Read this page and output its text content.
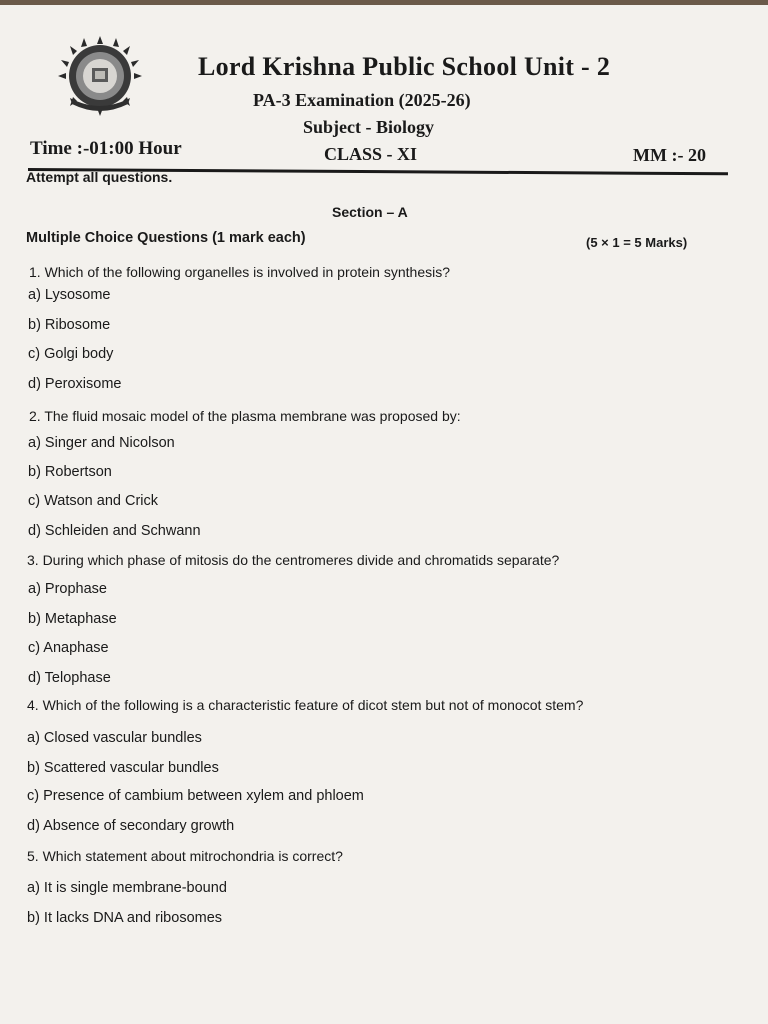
Lord Krishna Public School Unit - 2
PA-3 Examination (2025-26)
Subject - Biology
Time :-01:00 Hour	CLASS - XI	MM :- 20
Attempt all questions.
Section – A
Multiple Choice Questions (1 mark each)	(5 × 1 = 5 Marks)
1. Which of the following organelles is involved in protein synthesis?
a) Lysosome
b) Ribosome
c) Golgi body
d) Peroxisome
2. The fluid mosaic model of the plasma membrane was proposed by:
a) Singer and Nicolson
b) Robertson
c) Watson and Crick
d) Schleiden and Schwann
3. During which phase of mitosis do the centromeres divide and chromatids separate?
a) Prophase
b) Metaphase
c) Anaphase
d) Telophase
4. Which of the following is a characteristic feature of dicot stem but not of monocot stem?
a) Closed vascular bundles
b) Scattered vascular bundles
c) Presence of cambium between xylem and phloem
d) Absence of secondary growth
5. Which statement about mitrochondria is correct?
a) It is single membrane-bound
b) It lacks DNA and ribosomes
